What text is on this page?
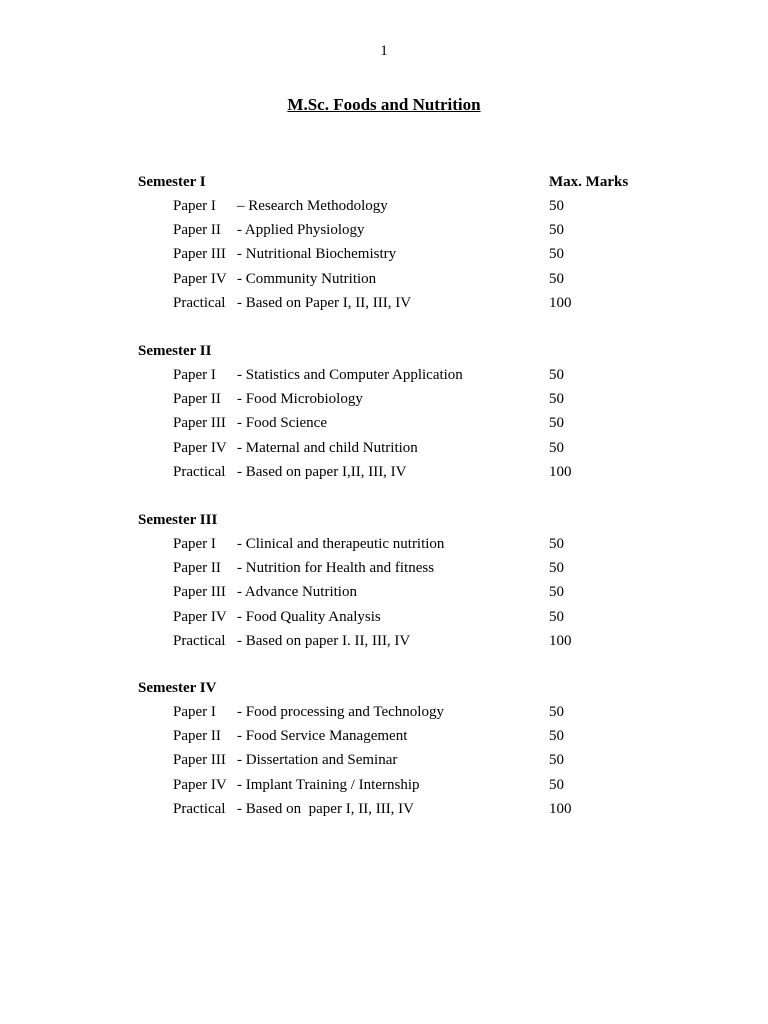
1
M.Sc. Foods and Nutrition
Semester I	Max. Marks
Paper I – Research Methodology	50
Paper II - Applied Physiology	50
Paper III - Nutritional Biochemistry	50
Paper IV - Community Nutrition	50
Practical - Based on Paper I, II, III, IV	100
Semester II
Paper I - Statistics and Computer Application	50
Paper II - Food Microbiology	50
Paper III - Food Science	50
Paper IV - Maternal and child Nutrition	50
Practical - Based on paper I,II, III, IV	100
Semester III
Paper I - Clinical and therapeutic nutrition	50
Paper II - Nutrition for Health and fitness	50
Paper III - Advance Nutrition	50
Paper IV - Food Quality Analysis	50
Practical - Based on paper I. II, III, IV	100
Semester IV
Paper I - Food processing and Technology	50
Paper II - Food Service Management	50
Paper III - Dissertation and Seminar	50
Paper IV - Implant Training / Internship	50
Practical - Based on  paper I, II, III, IV	100
